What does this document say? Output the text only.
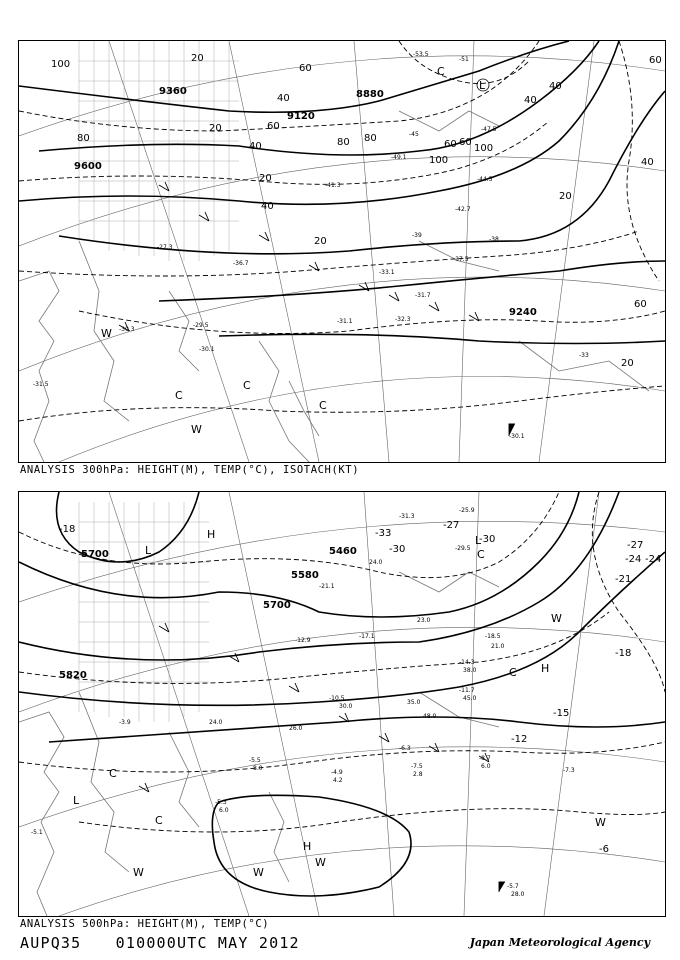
9360
9120
8880
9600
9240
100
80
60
40
20
20
40
60
80
100
60
40
20
60
40
20
40
20
40
60
100
80	60
20
L
C
W
C
C
C
W
-53.5
-51
-49.1
-47.5
-45
-44.5
-42.7
-41.3
-39
-37.5
-36.7
-33.1
-31.7
-32.3
-30.3
-29.5
-31.1
-27.3
-30.1
-31.5
-30.1
-33
-38
ANALYSIS 300hPa: HEIGHT(M), TEMP(°C), ISOTACH(KT)
5700	5460
5580
5700
5820
-18	-33
-30
-27
-24
-27
-21
-18
-15
-12
-6
-30
-24
L
H	L
C
W
H
C
C
L
C
W
H
W
W
W
-25.9
-31.3
-29.5
-21.1
-18.5
-14.3
-11.7
-10.5
-8.7
-7.3
-6.3
-5.5
-4.9
-5.3
-5.1
-5.7
-3.9
-7.5
-12.9
-17.1
24.0
23.0
21.0
38.0
45.0
48.0
35.0
30.0
26.0
24.0
6.0
8.0
4.2
2.8
6.0
28.0
ANALYSIS 500hPa: HEIGHT(M), TEMP(°C)
AUPQ35 010000UTC MAY 2012	Japan Meteorological Agency
